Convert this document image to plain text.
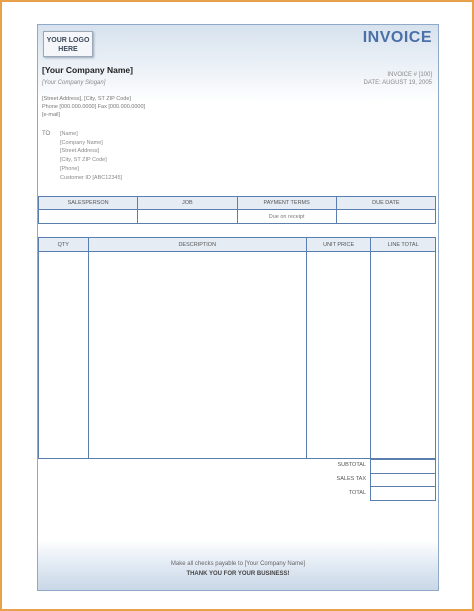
YOUR LOGO
HERE
INVOICE
INVOICE # [100]
DATE: AUGUST 19, 2005
[Your Company Name]
[Your Company Slogan]
[Street Address], [City, ST ZIP Code]
Phone [000.000.0000] Fax [000.000.0000]
[e-mail]
TO [Name]
[Company Name]
[Street Address]
[City, ST ZIP Code]
[Phone]
Customer ID [ABC12345]
SALESPERSON	JOB	PAYMENT TERMS	DUE DATE
		Due on receipt	
QTY	DESCRIPTION	UNIT PRICE	LINE TOTAL

SUBTOTAL
SALES TAX
TOTAL
Make all checks payable to [Your Company Name]
THANK YOU FOR YOUR BUSINESS!
